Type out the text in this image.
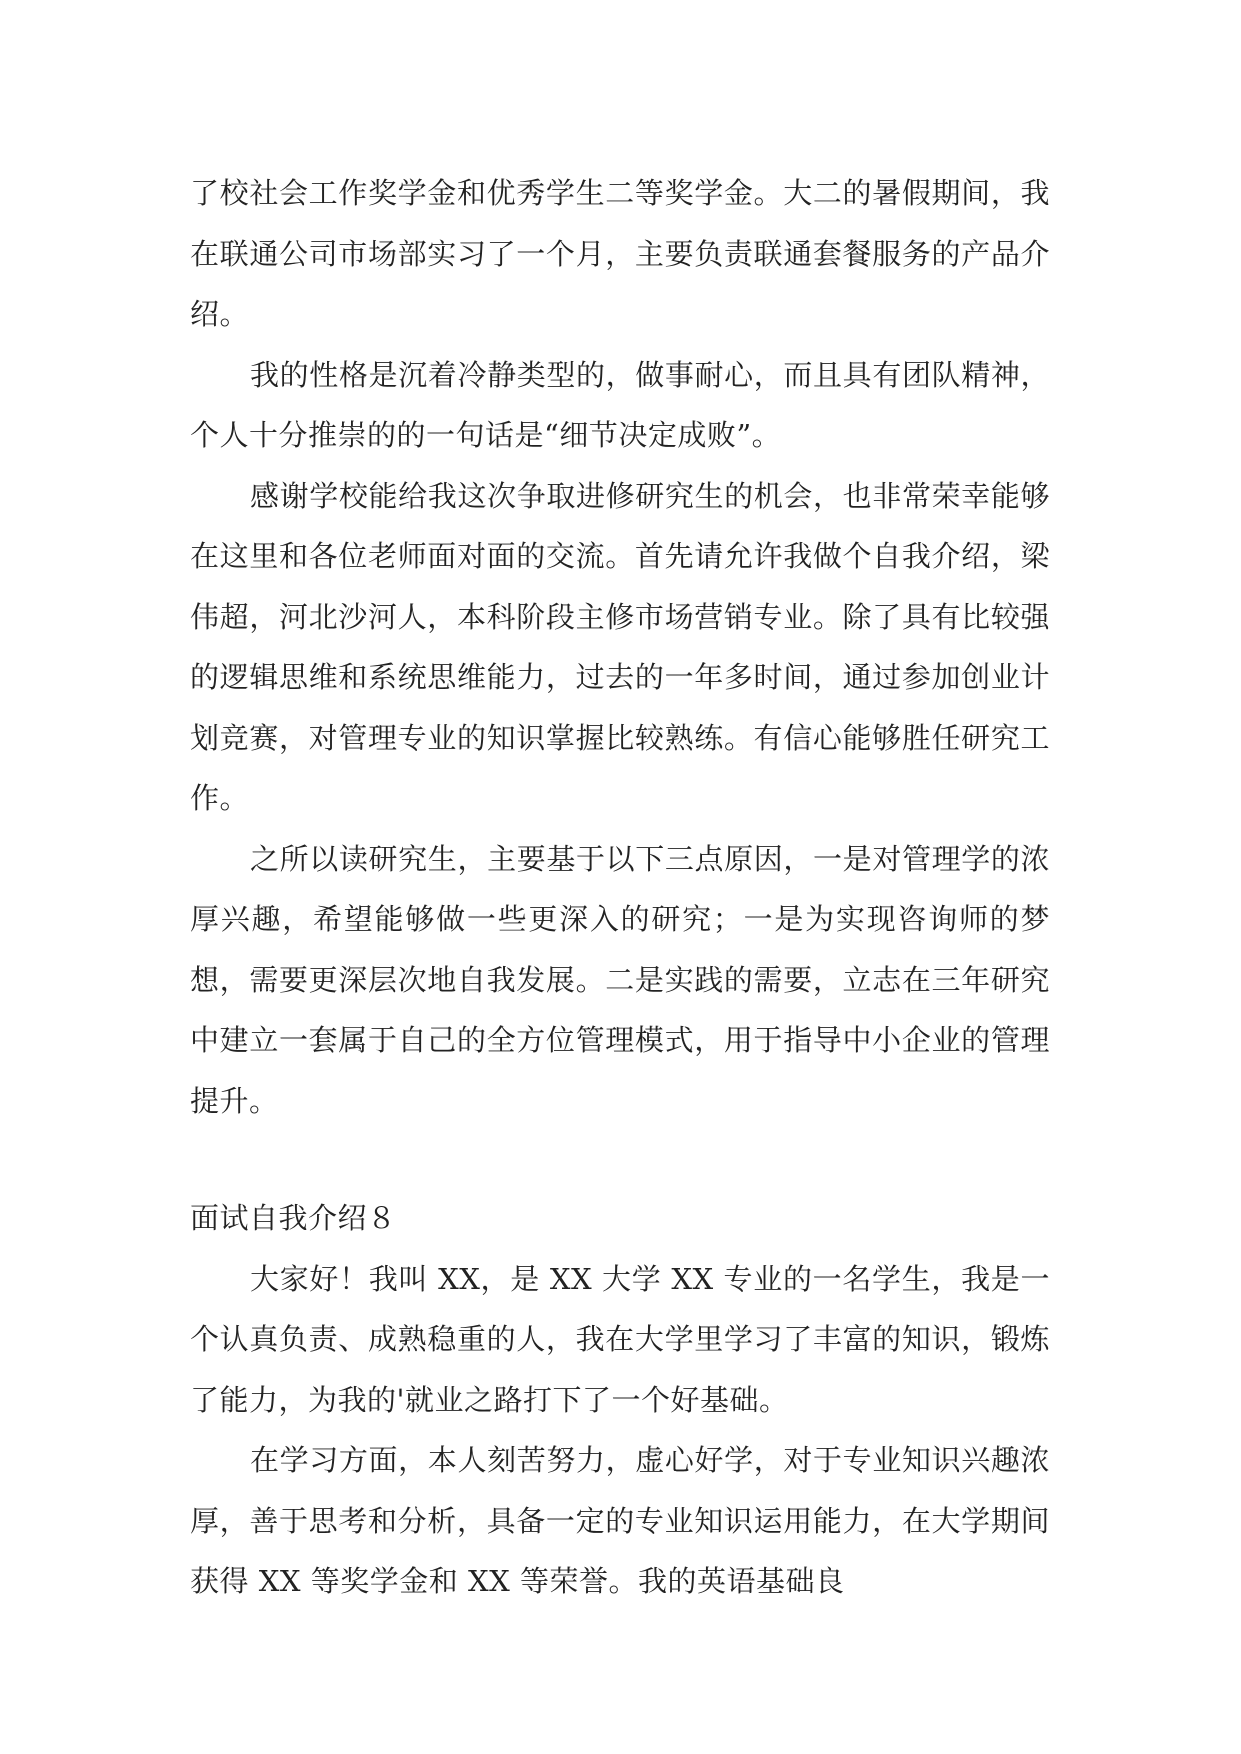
了校社会工作奖学金和优秀学生二等奖学金。大二的暑假期间，我在联通公司市场部实习了一个月，主要负责联通套餐服务的产品介绍。

我的性格是沉着冷静类型的，做事耐心，而且具有团队精神，个人十分推崇的的一句话是“细节决定成败”。

感谢学校能给我这次争取进修研究生的机会，也非常荣幸能够在这里和各位老师面对面的交流。首先请允许我做个自我介绍，梁伟超，河北沙河人，本科阶段主修市场营销专业。除了具有比较强的逻辑思维和系统思维能力，过去的一年多时间，通过参加创业计划竞赛，对管理专业的知识掌握比较熟练。有信心能够胜任研究工作。

之所以读研究生，主要基于以下三点原因，一是对管理学的浓厚兴趣，希望能够做一些更深入的研究；一是为实现咨询师的梦想，需要更深层次地自我发展。二是实践的需要，立志在三年研究中建立一套属于自己的全方位管理模式，用于指导中小企业的管理提升。

面试自我介绍８

大家好！我叫 XX，是 XX 大学 XX 专业的一名学生，我是一个认真负责、成熟稳重的人，我在大学里学习了丰富的知识，锻炼了能力，为我的'就业之路打下了一个好基础。

在学习方面，本人刻苦努力，虚心好学，对于专业知识兴趣浓厚，善于思考和分析，具备一定的专业知识运用能力，在大学期间获得 XX 等奖学金和 XX 等荣誉。我的英语基础良
